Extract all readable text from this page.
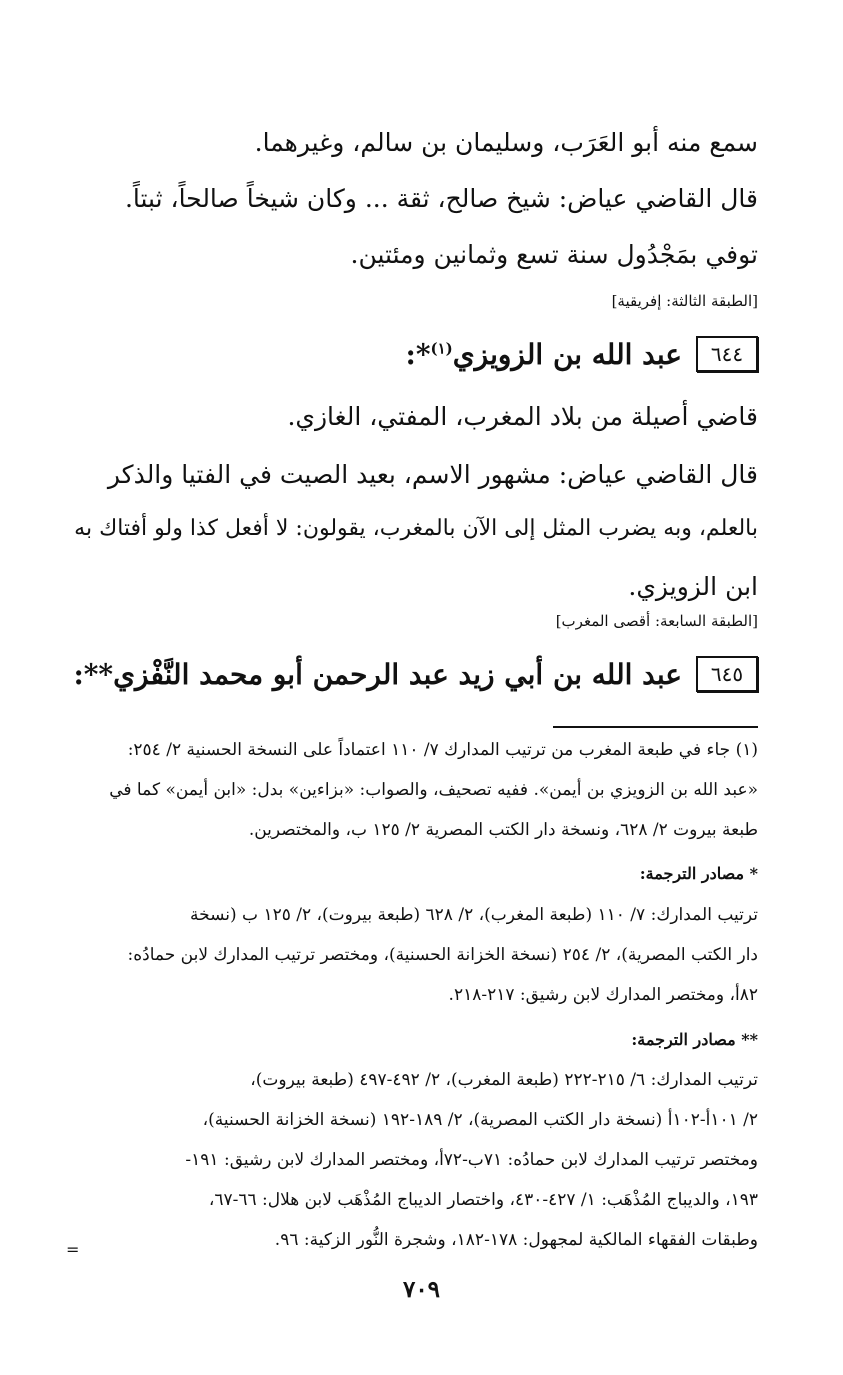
سمع منه أبو العَرَب، وسليمان بن سالم، وغيرهما.
قال القاضي عياض: شيخ صالح، ثقة ... وكان شيخاً صالحاً، ثبتاً.
توفي بمَجْدُول سنة تسع وثمانين ومئتين.
[الطبقة الثالثة: إفريقية]
٦٤٤
عبد الله بن الزويزي$^{(١)}$*:
قاضي أصيلة من بلاد المغرب، المفتي، الغازي.
قال القاضي عياض: مشهور الاسم، بعيد الصيت في الفتيا والذكر
بالعلم، وبه يضرب المثل إلى الآن بالمغرب، يقولون: لا أفعل كذا ولو أفتاك به
ابن الزويزي.
[الطبقة السابعة: أقصى المغرب]
٦٤٥
عبد الله بن أبي زيد عبد الرحمن أبو محمد النَّفْزي**:
(١) جاء في طبعة المغرب من ترتيب المدارك ٧/ ١١٠ اعتماداً على النسخة الحسنية ٢/ ٢٥٤:
«عبد الله بن الزويزي بن أيمن». ففيه تصحيف، والصواب: «بزاءين» بدل: «ابن أيمن» كما في
طبعة بيروت ٢/ ٦٢٨، ونسخة دار الكتب المصرية ٢/ ١٢٥ ب، والمختصرين.
* مصادر الترجمة:
ترتيب المدارك: ٧/ ١١٠ (طبعة المغرب)، ٢/ ٦٢٨ (طبعة بيروت)، ٢/ ١٢٥ ب (نسخة
دار الكتب المصرية)، ٢/ ٢٥٤ (نسخة الخزانة الحسنية)، ومختصر ترتيب المدارك لابن حمادُه:
٨٢أ، ومختصر المدارك لابن رشيق: ٢١٧-٢١٨.
** مصادر الترجمة:
ترتيب المدارك: ٦/ ٢١٥-٢٢٢ (طبعة المغرب)، ٢/ ٤٩٢-٤٩٧ (طبعة بيروت)،
٢/ ١٠١أ-١٠٢أ (نسخة دار الكتب المصرية)، ٢/ ١٨٩-١٩٢ (نسخة الخزانة الحسنية)،
ومختصر ترتيب المدارك لابن حمادُه: ٧١ب-٧٢أ، ومختصر المدارك لابن رشيق: ١٩١-
١٩٣، والديباج المُذْهَب: ١/ ٤٢٧-٤٣٠، واختصار الديباج المُذْهَب لابن هلال: ٦٦-٦٧،
وطبقات الفقهاء المالكية لمجهول: ١٧٨-١٨٢، وشجرة النُّور الزكية: ٩٦.
=
٧٠٩
